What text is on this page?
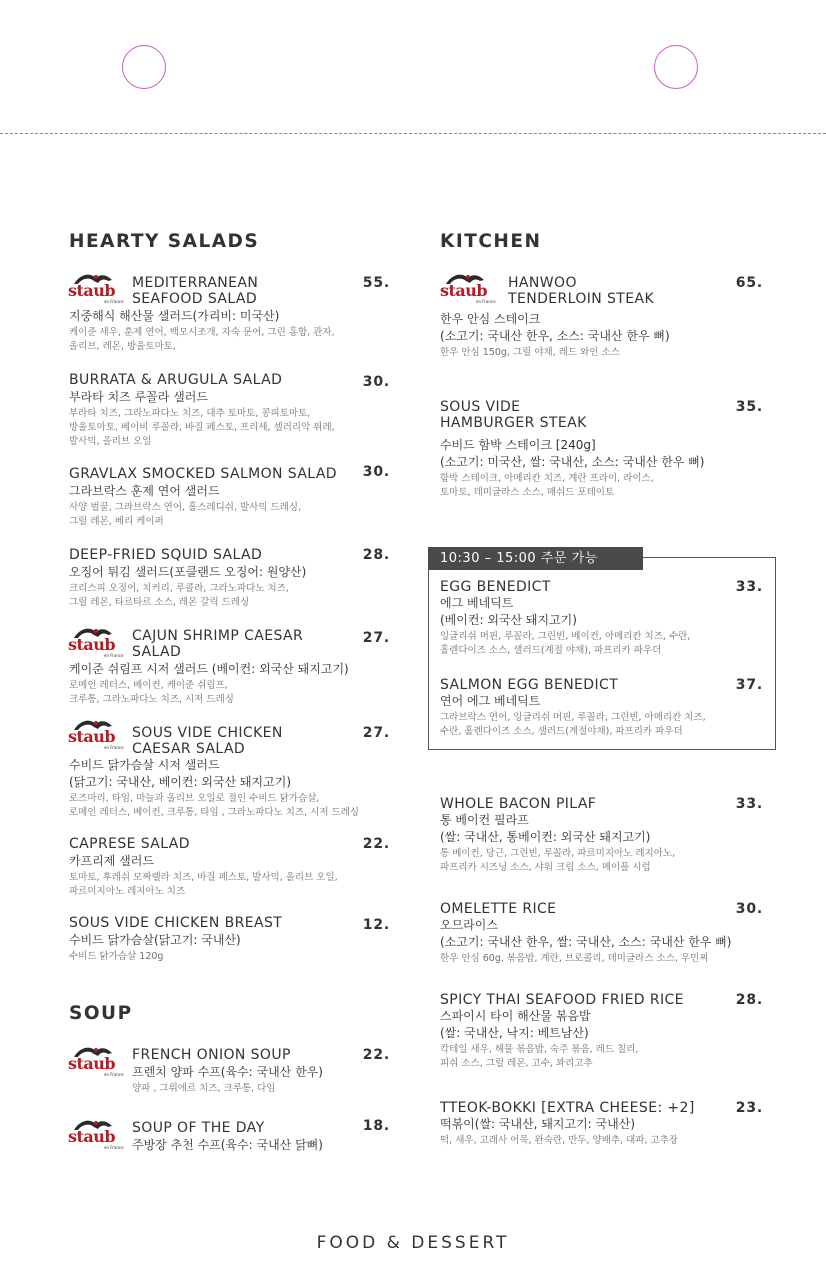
HEARTY SALADS
staub
en France
MEDITERRANEAN
SEAFOOD SALAD
55.
지중해식 해산물 샐러드(가리비: 미국산)
케이준 새우, 훈제 연어, 백모시조개, 자숙 문어, 그린 홍합, 관자,
올리브, 레몬, 방울토마토,
BURRATA & ARUGULA SALAD	30.
부라타 치즈 루꼴라 샐러드
부라타 치즈, 그라노파다노 치즈, 대추 토마토, 콩피토마토,
방울토마토, 베이비 루꼴라, 바질 페스토, 프리세, 셀러리악 퓌레,
발사믹, 올리브 오일
GRAVLAX SMOCKED SALMON SALAD	30.
그라브락스 훈제 연어 샐러드
사양 벌꿀, 그라브락스 연어, 홀스레디쉬, 발사믹 드레싱,
그릴 레몬, 베리 케이퍼
DEEP-FRIED SQUID SALAD	28.
오징어 튀김 샐러드(포클랜드 오징어: 원양산)
크리스피 오징어, 치커리, 루콜라, 그라노파다노 치즈,
그릴 레몬, 타르타르 소스, 레몬 갈릭 드레싱
staub
en France
CAJUN SHRIMP CAESAR
SALAD
27.
케이준 쉬림프 시저 샐러드 (베이컨: 외국산 돼지고기)
로메인 레터스, 베이컨, 케이준 쉬림프,
크루통, 그라노파다노 치즈, 시저 드레싱
staub
en France
SOUS VIDE CHICKEN
CAESAR SALAD
27.
수비드 닭가슴살 시저 샐러드
(닭고기: 국내산, 베이컨: 외국산 돼지고기)
로즈마리, 타임, 마늘과 올리브 오일로 절인 수비드 닭가슴살,
로메인 레터스, 베이컨, 크루통, 타임 , 그라노파다노 치즈, 시저 드레싱
CAPRESE SALAD	22.
카프리제 샐러드
토마토, 후레쉬 모짜렐라 치즈, 바질 페스토, 발사믹, 올리브 오일,
파르미지아노 레지아노 치즈
SOUS VIDE CHICKEN BREAST	12.
수비드 닭가슴살(닭고기: 국내산)
수비드 닭가슴살 120g
SOUP
staub
en France
FRENCH ONION SOUP	22.
프렌치 양파 수프(육수: 국내산 한우)
양파 , 그뤼에르 치즈, 크루통, 다임
staub
en France
SOUP OF THE DAY	18.
주방장 추천 수프(육수: 국내산 닭뼈)
KITCHEN
staub
en France
HANWOO
TENDERLOIN STEAK
65.
한우 안심 스테이크
(소고기: 국내산 한우, 소스: 국내산 한우 뼈)
한우 안심 150g, 그릴 야채, 레드 와인 소스
SOUS VIDE
HAMBURGER STEAK
35.
수비드 함박 스테이크 [240g]
(소고기: 미국산, 쌀: 국내산, 소스: 국내산 한우 뼈)
함박 스테이크, 아메리칸 치즈, 계란 프라이, 라이스,
토마토, 데미글라스 소스, 매쉬드 포테이토
10:30 – 15:00 주문 가능
EGG BENEDICT	33.
에그 베네딕트
(베이컨: 외국산 돼지고기)
잉글리쉬 머핀, 루꼴라, 그린빈, 베이컨, 아메리칸 치즈, 수란,
홀렌다이즈 소스, 샐러드(계절 야채), 파프리카 파우더
SALMON EGG BENEDICT	37.
연어 에그 베네딕트
그라브락스 연어, 잉글리쉬 머핀, 루꼴라, 그린빈, 아메리칸 치즈,
수란, 홀렌다이즈 소스, 샐러드(계절야채), 파프리카 파우더
WHOLE BACON PILAF	33.
통 베이컨 필라프
(쌀: 국내산, 통베이컨: 외국산 돼지고기)
통 베이컨, 당근, 그린빈, 루꼴라, 파르미지아노 레지아노,
파프리카 시즈닝 소스, 샤워 크림 소스, 메이플 시럽
OMELETTE RICE	30.
오므라이스
(소고기: 국내산 한우, 쌀: 국내산, 소스: 국내산 한우 뼈)
한우 안심 60g, 볶음밥, 계란, 브로콜리, 데미글라스 소스, 우민찌
SPICY THAI SEAFOOD FRIED RICE	28.
스파이시 타이 해산물 볶음밥
(쌀: 국내산, 낙지: 베트남산)
칵테일 새우, 해물 볶음밥, 숙주 볶음, 레드 칠리,
피쉬 소스, 그릴 레몬, 고수, 꽈리고추
TTEOK-BOKKI [EXTRA CHEESE: +2]	23.
떡볶이(쌀: 국내산, 돼지고기: 국내산)
떡, 새우, 고래사 어묵, 완숙란, 만두, 양배추, 대파, 고추장
FOOD & DESSERT
